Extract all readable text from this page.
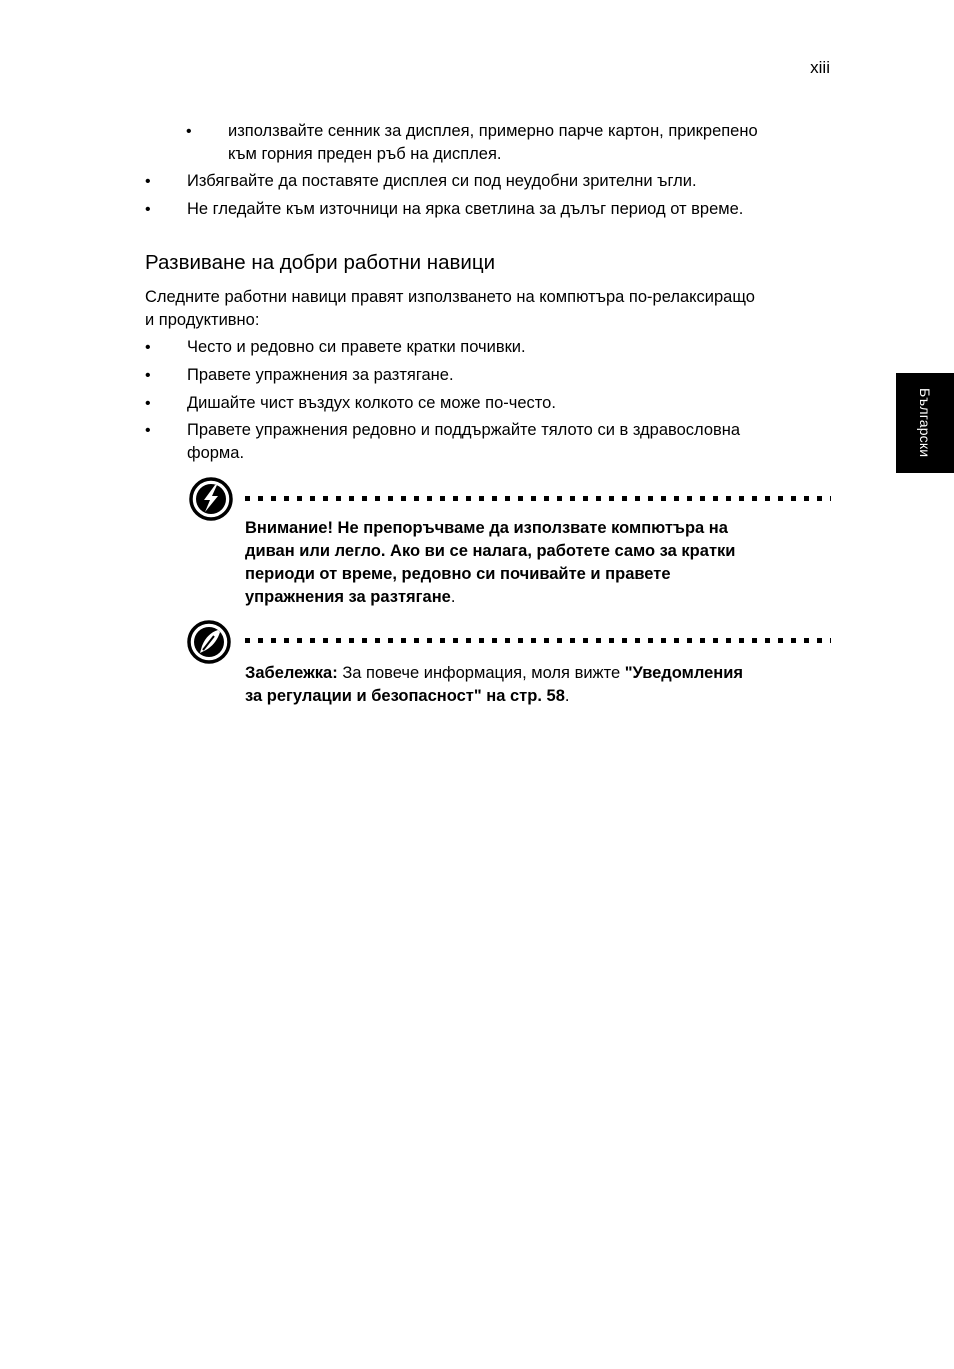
xiii
Български
• използвайте сенник за дисплея, примерно парче картон, прикрепено
към горния преден ръб на дисплея.
• Избягвайте да поставяте дисплея си под неудобни зрителни ъгли.
• Не гледайте към източници на ярка светлина за дълъг период от време.
Развиване на добри работни навици
Следните работни навици правят използването на компютъра по-релаксиращо
и продуктивно:
• Често и редовно си правете кратки почивки.
• Правете упражнения за разтягане.
• Дишайте чист въздух колкото се може по-често.
• Правете упражнения редовно и поддържайте тялото си в здравословна
форма.
Внимание! Не препоръчваме да използвате компютъра на
диван или легло. Ако ви се налага, работете само за кратки
периоди от време, редовно си почивайте и правете
упражнения за разтягане.
Забележка: За повече информация, моля вижте "Уведомления
за регулации и безопасност" на стр. 58.
